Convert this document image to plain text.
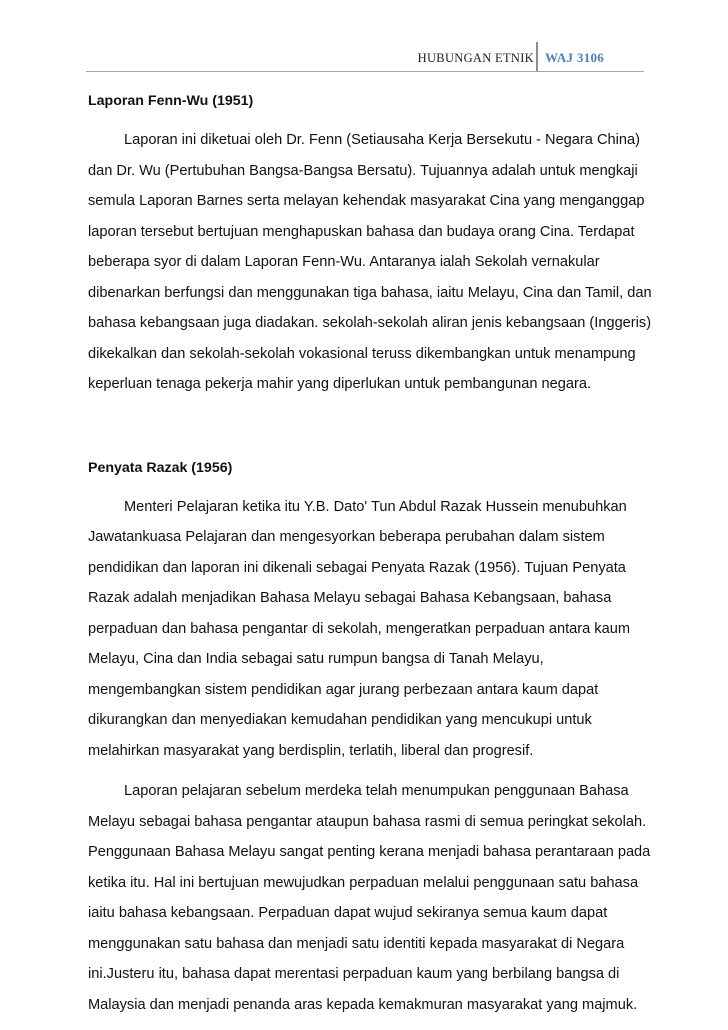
HUBUNGAN ETNIK WAJ 3106
Laporan Fenn-Wu (1951)

Laporan ini diketuai oleh Dr. Fenn (Setiausaha Kerja Bersekutu - Negara China)
dan Dr. Wu (Pertubuhan Bangsa-Bangsa Bersatu). Tujuannya adalah untuk mengkaji
semula Laporan Barnes serta melayan kehendak masyarakat Cina yang menganggap
laporan tersebut bertujuan menghapuskan bahasa dan budaya orang Cina. Terdapat
beberapa syor di dalam Laporan Fenn-Wu. Antaranya ialah Sekolah vernakular
dibenarkan berfungsi dan menggunakan tiga bahasa, iaitu Melayu, Cina dan Tamil, dan
bahasa kebangsaan juga diadakan. sekolah-sekolah aliran jenis kebangsaan (Inggeris)
dikekalkan dan sekolah-sekolah vokasional teruss dikembangkan untuk menampung
keperluan tenaga pekerja mahir yang diperlukan untuk pembangunan negara.

Penyata Razak (1956)

Menteri Pelajaran ketika itu Y.B. Dato' Tun Abdul Razak Hussein menubuhkan
Jawatankuasa Pelajaran dan mengesyorkan beberapa perubahan dalam sistem
pendidikan dan laporan ini dikenali sebagai Penyata Razak (1956). Tujuan Penyata
Razak adalah menjadikan Bahasa Melayu sebagai Bahasa Kebangsaan, bahasa
perpaduan dan bahasa pengantar di sekolah, mengeratkan perpaduan antara kaum
Melayu, Cina dan India sebagai satu rumpun bangsa di Tanah Melayu,
mengembangkan sistem pendidikan agar jurang perbezaan antara kaum dapat
dikurangkan dan menyediakan kemudahan pendidikan yang mencukupi untuk
melahirkan masyarakat yang berdisplin, terlatih, liberal dan progresif.

Laporan pelajaran sebelum merdeka telah menumpukan penggunaan Bahasa
Melayu sebagai bahasa pengantar ataupun bahasa rasmi di semua peringkat sekolah.
Penggunaan Bahasa Melayu sangat penting kerana menjadi bahasa perantaraan pada
ketika itu. Hal ini bertujuan mewujudkan perpaduan melalui penggunaan satu bahasa
iaitu bahasa kebangsaan. Perpaduan dapat wujud sekiranya semua kaum dapat
menggunakan satu bahasa dan menjadi satu identiti kepada masyarakat di Negara
ini.Justeru itu, bahasa dapat merentasi perpaduan kaum yang berbilang bangsa di
Malaysia dan menjadi penanda aras kepada kemakmuran masyarakat yang majmuk.
